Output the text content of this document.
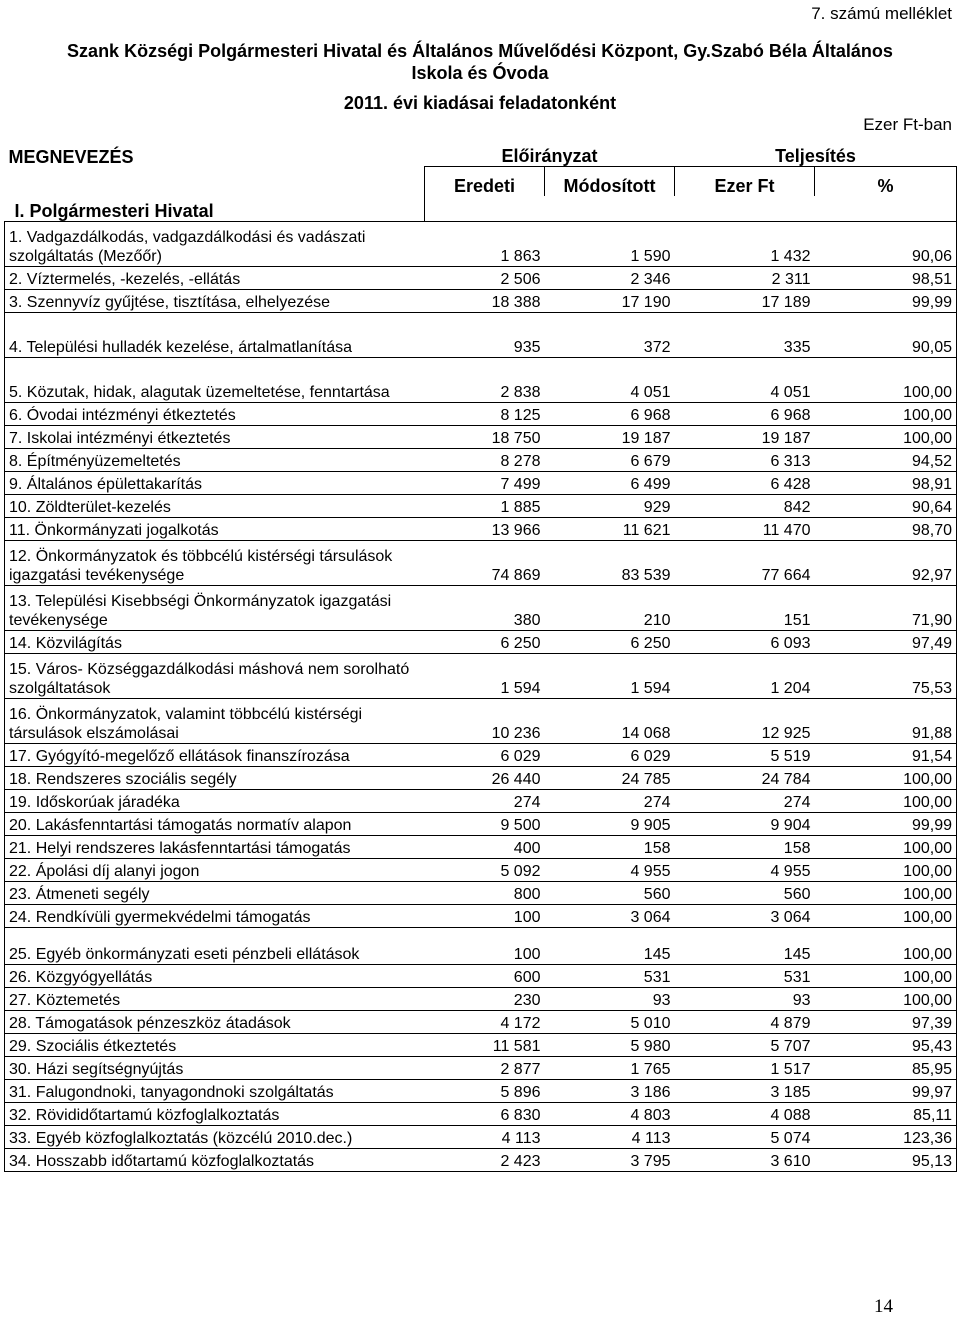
7. számú melléklet
Szank Községi Polgármesteri Hivatal és Általános Művelődési Központ, Gy.Szabó Béla Általános
Iskola és Óvoda
2011. évi kiadásai feladatonként
Ezer Ft-ban
MEGNEVEZÉS	Előirányzat		Teljesítés	
	Eredeti	Módosított	Ezer Ft	%
I. Polgármesteri Hivatal				
1. Vadgazdálkodás, vadgazdálkodási és vadászati szolgáltatás (Mezőőr)	1 863	1 590	1 432	90,06
2. Víztermelés, -kezelés, -ellátás	2 506	2 346	2 311	98,51
3. Szennyvíz gyűjtése, tisztítása, elhelyezése	18 388	17 190	17 189	99,99
4. Települési hulladék kezelése, ártalmatlanítása	935	372	335	90,05
5. Közutak, hidak, alagutak üzemeltetése, fenntartása	2 838	4 051	4 051	100,00
6. Óvodai intézményi étkeztetés	8 125	6 968	6 968	100,00
7. Iskolai intézményi étkeztetés	18 750	19 187	19 187	100,00
8. Építményüzemeltetés	8 278	6 679	6 313	94,52
9. Általános épülettakarítás	7 499	6 499	6 428	98,91
10. Zöldterület-kezelés	1 885	929	842	90,64
11. Önkormányzati jogalkotás	13 966	11 621	11 470	98,70
12. Önkormányzatok és többcélú kistérségi társulások igazgatási tevékenysége	74 869	83 539	77 664	92,97
13. Települési Kisebbségi Önkormányzatok igazgatási tevékenysége	380	210	151	71,90
14. Közvilágítás	6 250	6 250	6 093	97,49
15. Város- Községgazdálkodási máshová nem sorolható szolgáltatások	1 594	1 594	1 204	75,53
16. Önkormányzatok, valamint többcélú kistérségi társulások elszámolásai	10 236	14 068	12 925	91,88
17. Gyógyító-megelőző ellátások finanszírozása	6 029	6 029	5 519	91,54
18. Rendszeres szociális segély	26 440	24 785	24 784	100,00
19. Időskorúak járadéka	274	274	274	100,00
20. Lakásfenntartási támogatás normatív alapon	9 500	9 905	9 904	99,99
21. Helyi rendszeres lakásfenntartási támogatás	400	158	158	100,00
22. Ápolási díj alanyi jogon	5 092	4 955	4 955	100,00
23. Átmeneti segély	800	560	560	100,00
24. Rendkívüli gyermekvédelmi támogatás	100	3 064	3 064	100,00
25. Egyéb önkormányzati eseti pénzbeli ellátások	100	145	145	100,00
26. Közgyógyellátás	600	531	531	100,00
27. Köztemetés	230	93	93	100,00
28. Támogatások pénzeszköz átadások	4 172	5 010	4 879	97,39
29. Szociális étkeztetés	11 581	5 980	5 707	95,43
30. Házi segítségnyújtás	2 877	1 765	1 517	85,95
31. Falugondnoki, tanyagondnoki szolgáltatás	5 896	3 186	3 185	99,97
32. Rövididőtartamú közfoglalkoztatás	6 830	4 803	4 088	85,11
33. Egyéb közfoglalkoztatás (közcélú 2010.dec.)	4 113	4 113	5 074	123,36
34. Hosszabb időtartamú közfoglalkoztatás	2 423	3 795	3 610	95,13
14
